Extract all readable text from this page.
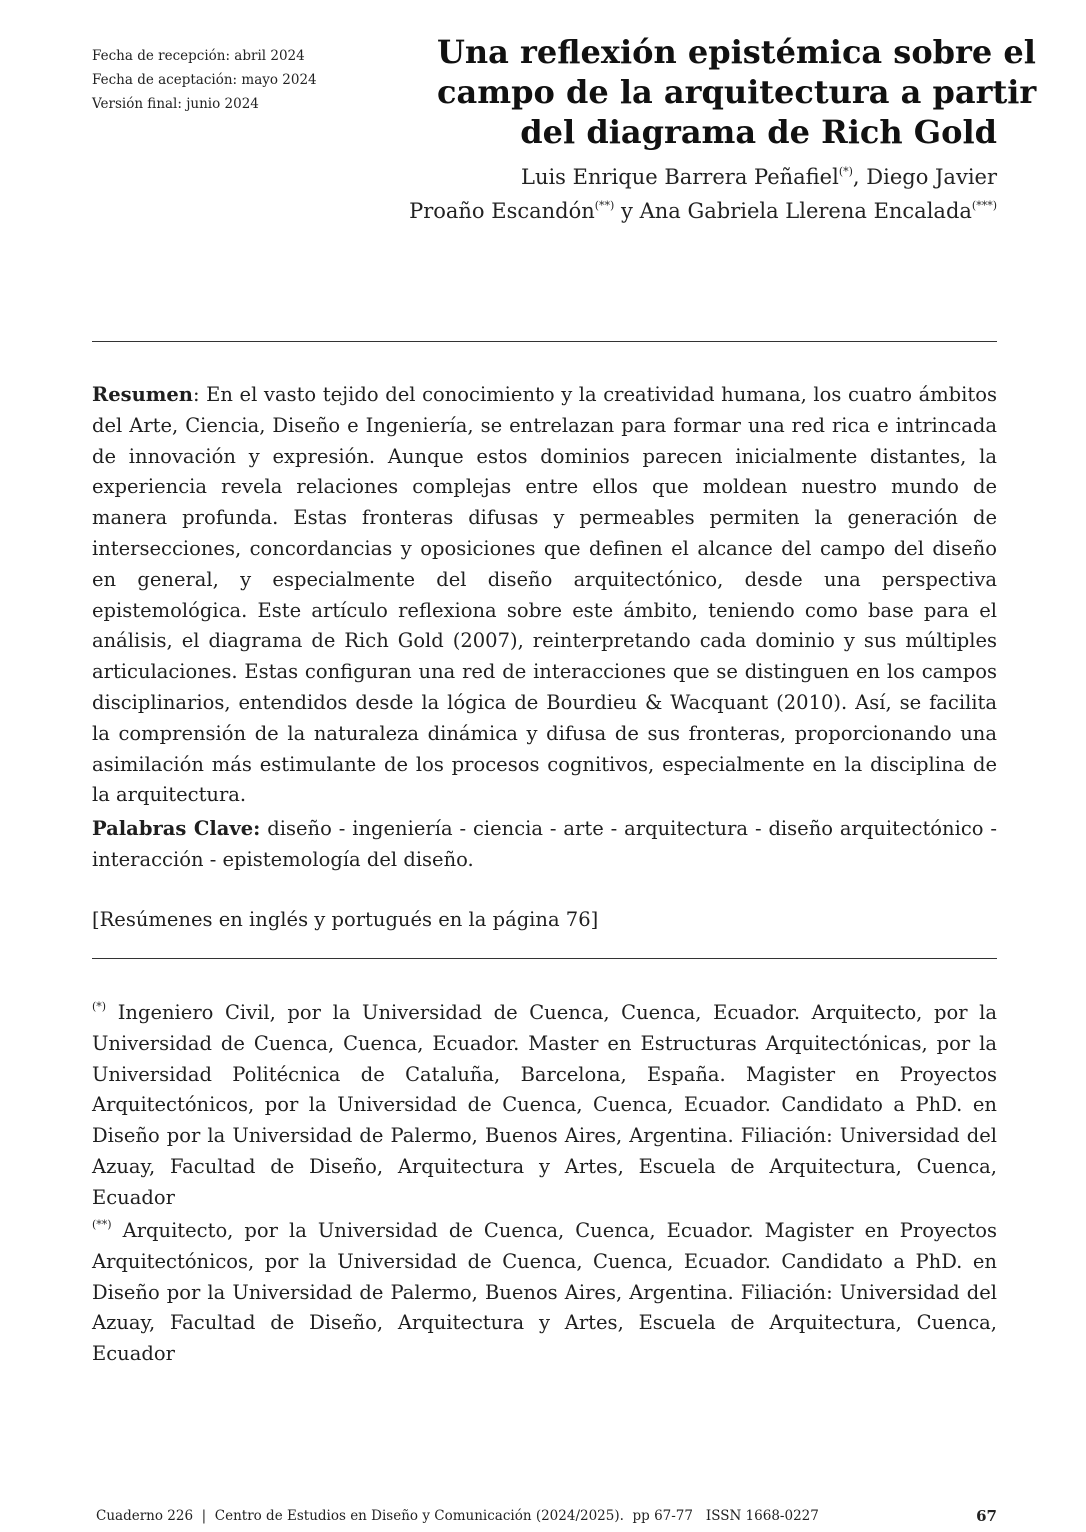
Fecha de recepción: abril 2024
Fecha de aceptación: mayo 2024
Versión final: junio 2024
Una reflexión epistémica sobre el
campo de la arquitectura a partir
del diagrama de Rich Gold
Luis Enrique Barrera Peñafiel(*), Diego Javier
Proaño Escandón(**) y Ana Gabriela Llerena Encalada(***)

Resumen: En el vasto tejido del conocimiento y la creatividad humana, los cuatro ámbitos del Arte, Ciencia, Diseño e Ingeniería, se entrelazan para formar una red rica e intrincada de innovación y expresión. Aunque estos dominios parecen inicialmente distantes, la experiencia revela relaciones complejas entre ellos que moldean nuestro mundo de manera profunda. Estas fronteras difusas y permeables permiten la generación de intersecciones, concordancias y oposiciones que definen el alcance del campo del diseño en general, y especialmente del diseño arquitectónico, desde una perspectiva epistemológica. Este artículo reflexiona sobre este ámbito, teniendo como base para el análisis, el diagrama de Rich Gold (2007), reinterpretando cada dominio y sus múltiples articulaciones. Estas configuran una red de interacciones que se distinguen en los campos disciplinarios, entendidos desde la lógica de Bourdieu & Wacquant (2010). Así, se facilita la comprensión de la naturaleza dinámica y difusa de sus fronteras, proporcionando una asimilación más estimulante de los procesos cognitivos, especialmente en la disciplina de la arquitectura.

Palabras Clave: diseño - ingeniería - ciencia - arte - arquitectura - diseño arquitectónico - interacción - epistemología del diseño.

[Resúmenes en inglés y portugués en la página 76]

(*) Ingeniero Civil, por la Universidad de Cuenca, Cuenca, Ecuador. Arquitecto, por la Universidad de Cuenca, Cuenca, Ecuador. Master en Estructuras Arquitectónicas, por la Universidad Politécnica de Cataluña, Barcelona, España. Magister en Proyectos Arquitectónicos, por la Universidad de Cuenca, Cuenca, Ecuador. Candidato a PhD. en Diseño por la Universidad de Palermo, Buenos Aires, Argentina. Filiación: Universidad del Azuay, Facultad de Diseño, Arquitectura y Artes, Escuela de Arquitectura, Cuenca, Ecuador

(**) Arquitecto, por la Universidad de Cuenca, Cuenca, Ecuador. Magister en Proyectos Arquitectónicos, por la Universidad de Cuenca, Cuenca, Ecuador. Candidato a PhD. en Diseño por la Universidad de Palermo, Buenos Aires, Argentina. Filiación: Universidad del Azuay, Facultad de Diseño, Arquitectura y Artes, Escuela de Arquitectura, Cuenca, Ecuador

Cuaderno 226  |  Centro de Estudios en Diseño y Comunicación (2024/2025).  pp 67-77   ISSN 1668-0227	67
